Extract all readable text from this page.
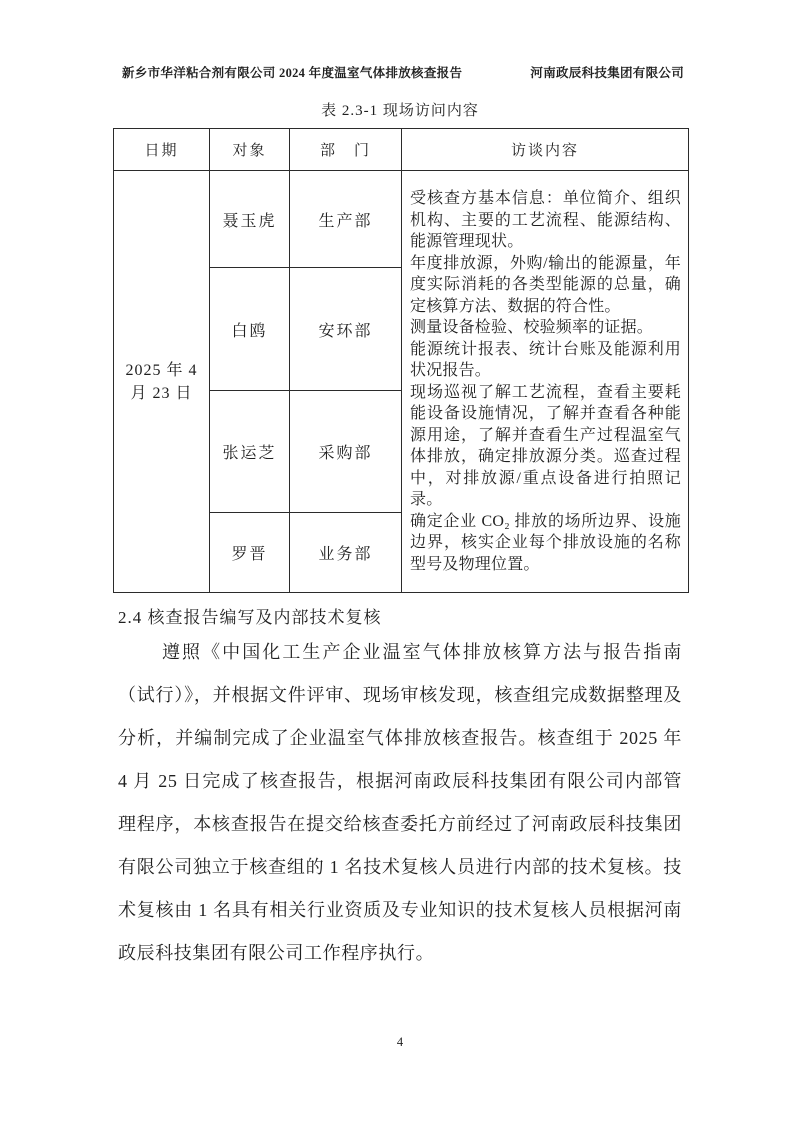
新乡市华洋粘合剂有限公司 2024 年度温室气体排放核查报告	河南政辰科技集团有限公司
表 2.3-1 现场访问内容
日期	对象	部　门	访谈内容
2025 年 4 月 23 日	聂玉虎	生产部	

受核查方基本信息：单位简介、组织机构、主要的工艺流程、能源结构、能源管理现状。

年度排放源，外购/输出的能源量，年度实际消耗的各类型能源的总量，确定核算方法、数据的符合性。

测量设备检验、校验频率的证据。

能源统计报表、统计台账及能源利用状况报告。

现场巡视了解工艺流程，查看主要耗能设备设施情况，了解并查看各种能源用途，了解并查看生产过程温室气体排放，确定排放源分类。巡查过程中，对排放源/重点设备进行拍照记录。

确定企业 CO₂ 排放的场所边界、设施边界，核实企业每个排放设施的名称型号及物理位置。

	白鸥	安环部	
	张运芝	采购部	
	罗晋	业务部	
2.4 核查报告编写及内部技术复核
遵照《中国化工生产企业温室气体排放核算方法与报告指南（试行）》，并根据文件评审、现场审核发现，核查组完成数据整理及分析，并编制完成了企业温室气体排放核查报告。核查组于 2025 年 4 月 25 日完成了核查报告，根据河南政辰科技集团有限公司内部管理程序，本核查报告在提交给核查委托方前经过了河南政辰科技集团有限公司独立于核查组的 1 名技术复核人员进行内部的技术复核。技术复核由 1 名具有相关行业资质及专业知识的技术复核人员根据河南政辰科技集团有限公司工作程序执行。
4
